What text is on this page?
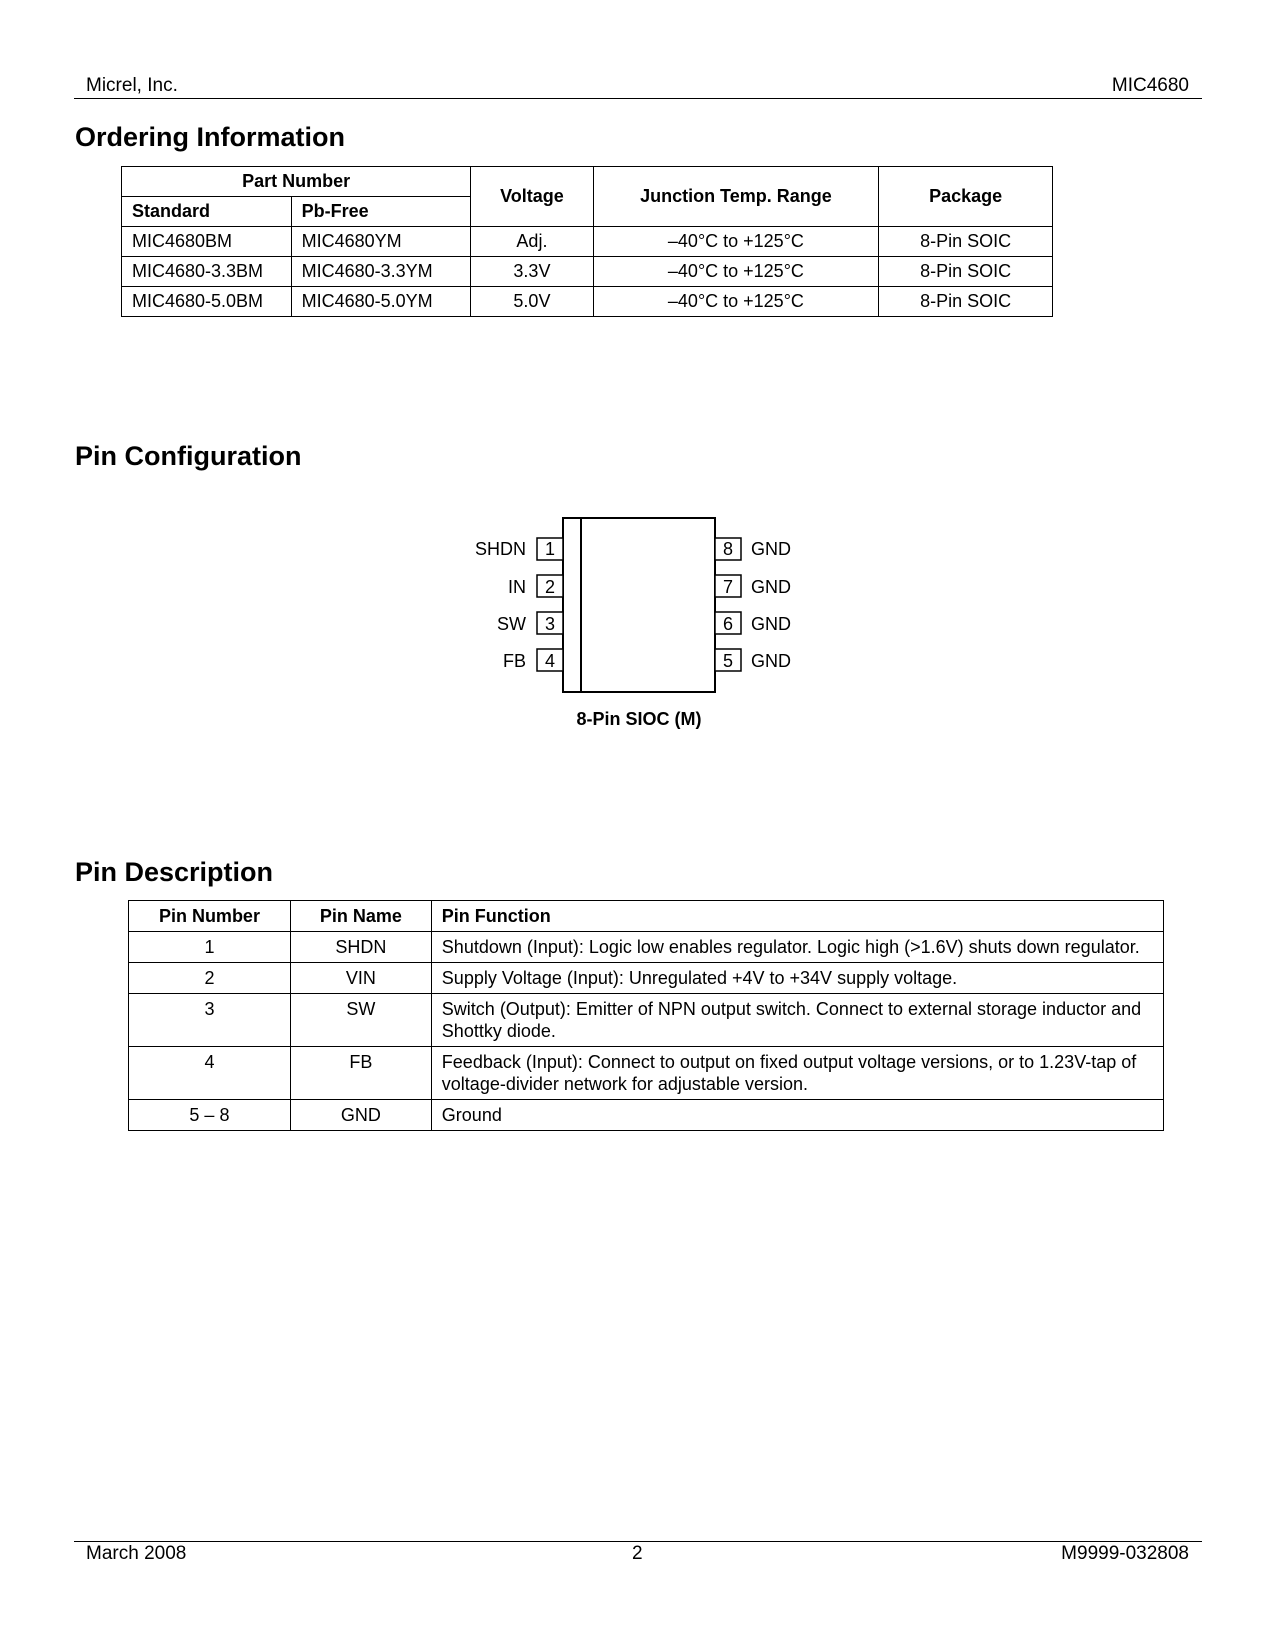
Micrel, Inc.	MIC4680
Ordering Information
Part Number		Voltage	Junction Temp. Range	Package
Standard	Pb-Free			
MIC4680BM	MIC4680YM	Adj.	–40°C to +125°C	8-Pin SOIC
MIC4680-3.3BM	MIC4680-3.3YM	3.3V	–40°C to +125°C	8-Pin SOIC
MIC4680-5.0BM	MIC4680-5.0YM	5.0V	–40°C to +125°C	8-Pin SOIC
Pin Configuration
1
SHDN
2
IN
3
SW
4
FB
8 GND
7 GND
6 GND
5 GND
8-Pin SIOC (M)
Pin Description
Pin Number	Pin Name	Pin Function
1	SHDN	Shutdown (Input): Logic low enables regulator. Logic high (>1.6V) shuts down regulator.
2	VIN	Supply Voltage (Input): Unregulated +4V to +34V supply voltage.
3	SW	Switch (Output): Emitter of NPN output switch. Connect to external storage inductor and Shottky diode.
4	FB	Feedback (Input): Connect to output on fixed output voltage versions, or to 1.23V-tap of voltage-divider network for adjustable version.
5 – 8	GND	Ground
March 2008	2	M9999-032808
